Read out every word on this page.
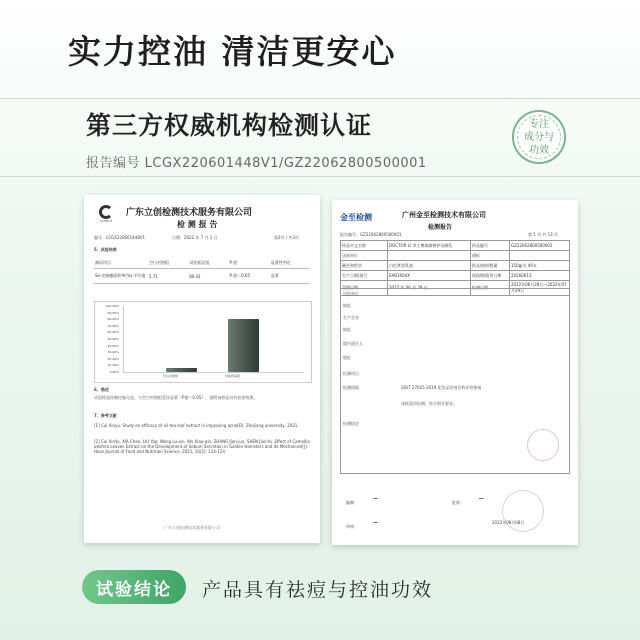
实力控油 清洁更安心
第三方权威机构检测认证	专注
成分与
功效
报告编号 LCGX220601448V1/GZ22062800500001
LCTECH
广东立创检测技术服务有限公司
检 测 报 告
编号：LCGX220601448V1	日期：2022 年 7 月 1 日	第3页 / 共3页
5、试验结果
测试项目	空白对照组	试验样品组	P 值	显著性判定
Se·皮脂腺面积率(%)·平均值	5.71	80.41	P 值＜0.05	显著
100.00%
90.00%
80.00%
70.00%
60.00%
50.00%
40.00%
30.00%
20.00%
10.00%
0.00%
空白对照组	试验样品组
6、描述
试验样品控制皮脂分泌，与空白对照组差异显著（P值＜0.05），说明该样品具有控油效果。
7、参考文献
[1] Cui Xinyu. Study on efficacy of oil tea leaf extract in improving acne[D]. Zhejiang university, 2021.
[2] Cui XinYu, XIA Chen, LIU Yao, Wang Lu-xin, Wu Xiao-qin, ZHANG Jian-jun, SHEN Jian-fu. Effect of Camellia oleifera Leaves Extract on the Development of Sebum Secretion in Golden Hamsters and its Mechanism[J]. Hans Journal of Food and Nutrition Science, 2021, 10(2): 114-124.
广东立创检测技术服务有限公司
金至检测	广州金至检测技术有限公司
检测报告
报告编号：GZ22062800500001	第 1 页 共 13 页
样品中文名称	DOCTOR LI 李士博焕颜修护洁颜乳	样品编号	GZ22062800500001
送样单位		商标	
颜色和性状	白色膏状乳液	样品规格/数量	150g/支 40支
生产日期/批号	EAB1604X	保质期/限用日期	20260613
受理日期	2022 年 06 月 28 日	检测日期	2022年06月28日—2022年07月29日
送检单位
地址
生产企业
地址
境内责任人
地址
检测项目
检测依据	GB/T 27025-2019 化妆品功效宣称评价指南
检测结论
该样品经检测，符合相关要求。
编制： ~
审核： ~
批准： ~
2022年08月08日
试验结论	产品具有祛痘与控油功效
